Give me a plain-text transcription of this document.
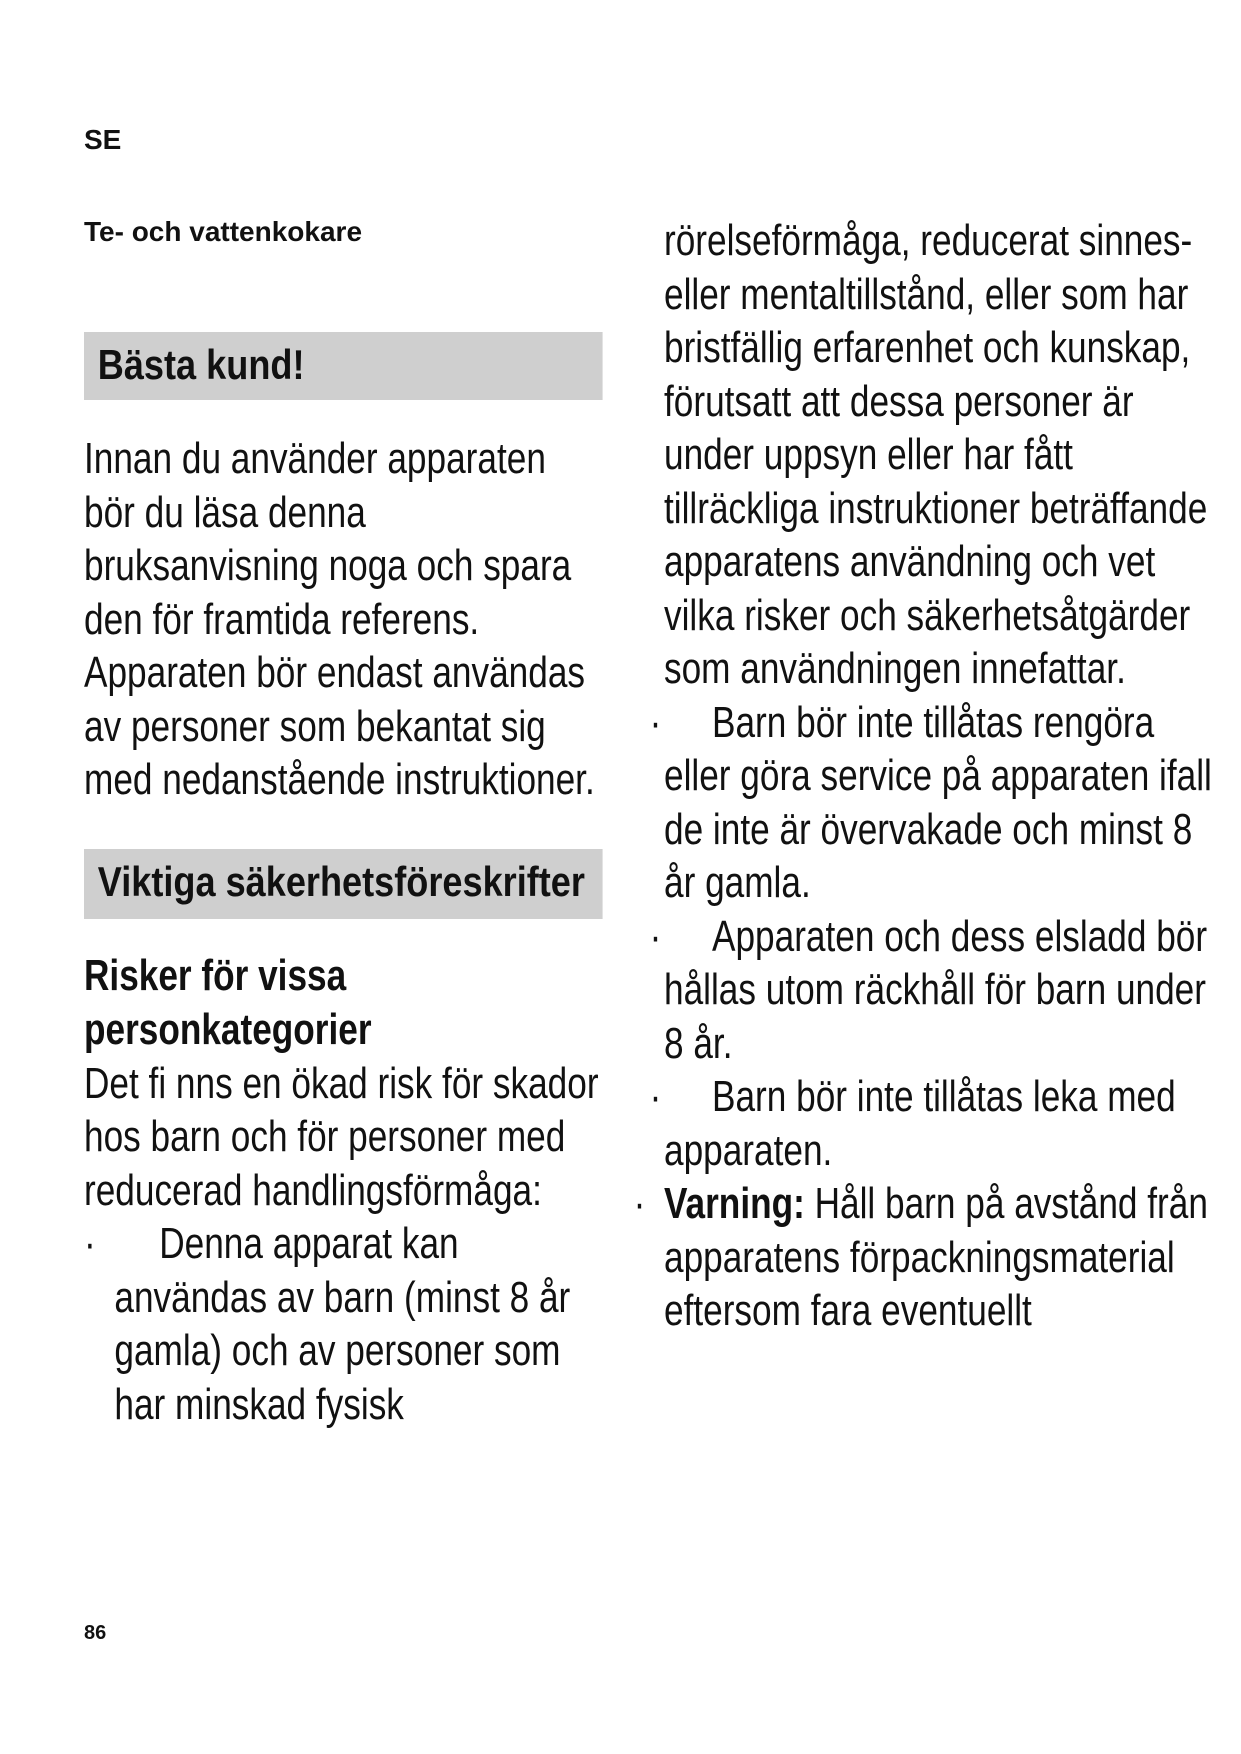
SE
Te- och vattenkokare
Bästa kund!

Innan du använder apparaten bör du läsa denna bruksanvisning noga och spara den för framtida referens. Apparaten bör endast användas av personer som bekantat sig med nedanstående instruktioner.

Viktiga säkerhetsföreskrifter
Risker för vissa personkategorier

Det fi nns en ökad risk för skador hos barn och för personer med reducerad handlingsförmåga:

·	Denna apparat kan användas av barn (minst 8 år gamla) och av personer som har minskad fysisk

rörelseförmåga, reducerat sinnes- eller mentaltillstånd, eller som har bristfällig erfarenhet och kunskap, förutsatt att dessa personer är under uppsyn eller har fått tillräckliga instruktioner beträffande apparatens användning och vet vilka risker och säkerhetsåtgärder som användningen innefattar.

·	Barn bör inte tillåtas rengöra eller göra service på apparaten ifall de inte är övervakade och minst 8 år gamla.

·	Apparaten och dess elsladd bör hållas utom räckhåll för barn under 8 år.

·	Barn bör inte tillåtas leka med apparaten.

· Varning: Håll barn på avstånd från apparatens förpackningsmaterial eftersom fara eventuellt

86
